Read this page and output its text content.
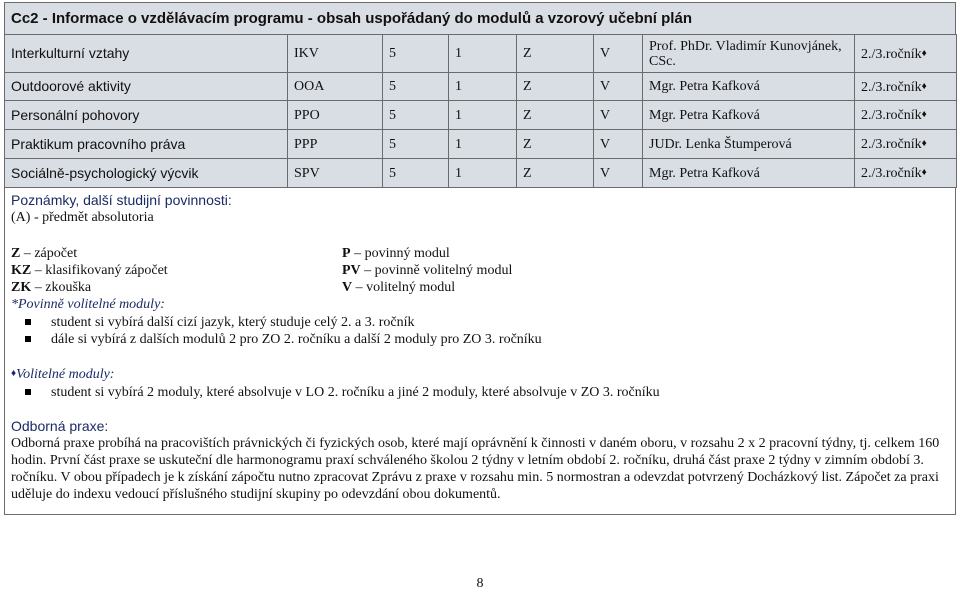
Cc2 - Informace o vzdělávacím programu - obsah uspořádaný do modulů a vzorový učební plán
Interkulturní vztahy	IKV	5	1	Z	V	Prof. PhDr. Vladimír Kunovjánek, CSc.	2./3.ročník♦
Outdoorové aktivity	OOA	5	1	Z	V	Mgr. Petra Kafková	2./3.ročník♦
Personální pohovory	PPO	5	1	Z	V	Mgr. Petra Kafková	2./3.ročník♦
Praktikum pracovního práva	PPP	5	1	Z	V	JUDr. Lenka Štumperová	2./3.ročník♦
Sociálně-psychologický výcvik	SPV	5	1	Z	V	Mgr. Petra Kafková	2./3.ročník♦
Poznámky, další studijní povinnosti:
(A) - předmět absolutoria
Z – zápočet
KZ – klasifikovaný zápočet
ZK – zkouška
P – povinný modul
PV – povinně volitelný modul
V – volitelný modul
*Povinně volitelné moduly:
student si vybírá další cizí jazyk, který studuje celý 2. a 3. ročník
dále si vybírá z dalších modulů 2 pro ZO 2. ročníku a další 2 moduly pro ZO 3. ročníku
♦Volitelné moduly:
student si vybírá 2 moduly, které absolvuje v LO 2. ročníku a jiné 2 moduly, které absolvuje v ZO 3. ročníku
Odborná praxe:

Odborná praxe probíhá na pracovištích právnických či fyzických osob, které mají oprávnění k činnosti v daném oboru, v rozsahu 2 x 2 pracovní týdny, tj. celkem 160 hodin. První část praxe se uskuteční dle harmonogramu praxí schváleného školou 2 týdny v letním období 2. ročníku, druhá část praxe 2 týdny v zimním období 3. ročníku. V obou případech je k získání zápočtu nutno zpracovat Zprávu z praxe v rozsahu min. 5 normostran a odevzdat potvrzený Docházkový list. Zápočet za praxi uděluje do indexu vedoucí příslušného studijní skupiny po odevzdání obou dokumentů.

8
